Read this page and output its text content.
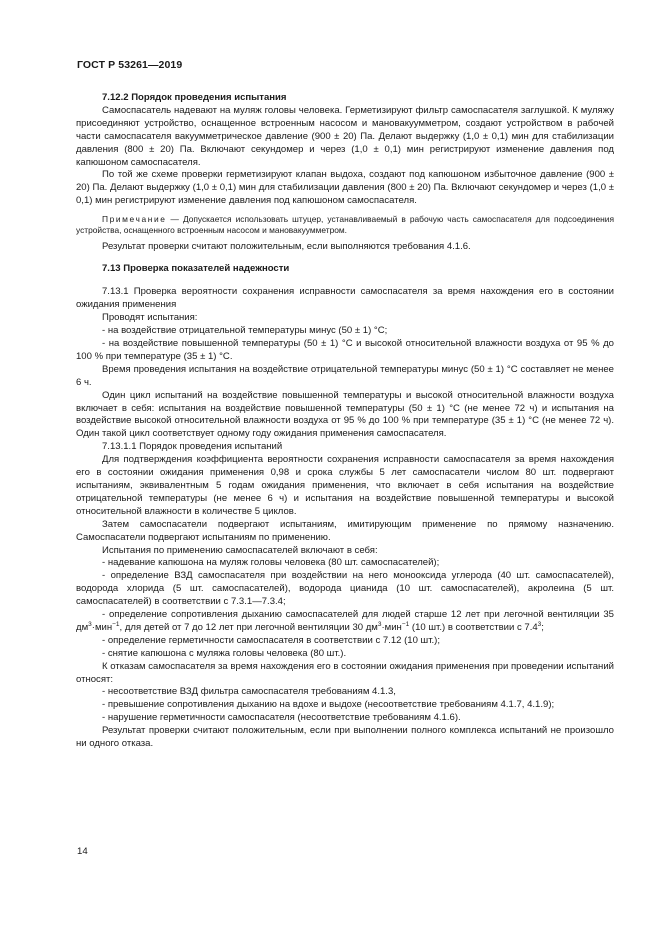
ГОСТ Р 53261—2019

7.12.2 Порядок проведения испытания

Самоспасатель надевают на муляж головы человека. Герметизируют фильтр самоспасателя заглушкой. К муляжу присоединяют устройство, оснащенное встроенным насосом и мановакуумметром, создают устройством в рабочей части самоспасателя вакуумметрическое давление (900 ± 20) Па. Делают выдержку (1,0 ± 0,1) мин для стабилизации давления (800 ± 20) Па. Включают секундомер и через (1,0 ± 0,1) мин регистрируют изменение давления под капюшоном самоспасателя.

По той же схеме проверки герметизируют клапан выдоха, создают под капюшоном избыточное давление (900 ± 20) Па. Делают выдержку (1,0 ± 0,1) мин для стабилизации давления (800 ± 20) Па. Включают секундомер и через (1,0 ± 0,1) мин регистрируют изменение давления под капюшоном самоспасателя.

Примечание — Допускается использовать штуцер, устанавливаемый в рабочую часть самоспасателя для подсоединения устройства, оснащенного встроенным насосом и мановакуумметром.

Результат проверки считают положительным, если выполняются требования 4.1.6.

7.13 Проверка показателей надежности

7.13.1 Проверка вероятности сохранения исправности самоспасателя за время нахождения его в состоянии ожидания применения

Проводят испытания:

- на воздействие отрицательной температуры минус (50 ± 1) °С;

- на воздействие повышенной температуры (50 ± 1) °С и высокой относительной влажности воздуха от 95 % до 100 % при температуре (35 ± 1) °С.

Время проведения испытания на воздействие отрицательной температуры минус (50 ± 1) °С составляет не менее 6 ч.

Один цикл испытаний на воздействие повышенной температуры и высокой относительной влажности воздуха включает в себя: испытания на воздействие повышенной температуры (50 ± 1) °С (не менее 72 ч) и испытания на воздействие высокой относительной влажности воздуха от 95 % до 100 % при температуре (35 ± 1) °С (не менее 72 ч). Один такой цикл соответствует одному году ожидания применения самоспасателя.

7.13.1.1 Порядок проведения испытаний

Для подтверждения коэффициента вероятности сохранения исправности самоспасателя за время нахождения его в состоянии ожидания применения 0,98 и срока службы 5 лет самоспасатели числом 80 шт. подвергают испытаниям, эквивалентным 5 годам ожидания применения, что включает в себя испытания на воздействие отрицательной температуры (не менее 6 ч) и испытания на воздействие повышенной температуры и высокой относительной влажности в количестве 5 циклов.

Затем самоспасатели подвергают испытаниям, имитирующим применение по прямому назначению. Самоспасатели подвергают испытаниям по применению.

Испытания по применению самоспасателей включают в себя:

- надевание капюшона на муляж головы человека (80 шт. самоспасателей);

- определение ВЗД самоспасателя при воздействии на него монооксида углерода (40 шт. самоспасателей), водорода хлорида (5 шт. самоспасателей), водорода цианида (10 шт. самоспасателей), акролеина (5 шт. самоспасателей) в соответствии с 7.3.1—7.3.4;

- определение сопротивления дыханию самоспасателей для людей старше 12 лет при легочной вентиляции 35 $дм^3\cdot мин^{-1}$, для детей от 7 до 12 лет при легочной вентиляции 30 $дм^3\cdot мин^{-1}$ (10 шт.) в соответствии с $7.4^3$;

- определение герметичности самоспасателя в соответствии с 7.12 (10 шт.);

- снятие капюшона с муляжа головы человека (80 шт.).

К отказам самоспасателя за время нахождения его в состоянии ожидания применения при проведении испытаний относят:

- несоответствие ВЗД фильтра самоспасателя требованиям 4.1.3,

- превышение сопротивления дыханию на вдохе и выдохе (несоответствие требованиям 4.1.7, 4.1.9);

- нарушение герметичности самоспасателя (несоответствие требованиям 4.1.6).

Результат проверки считают положительным, если при выполнении полного комплекса испытаний не произошло ни одного отказа.

14
